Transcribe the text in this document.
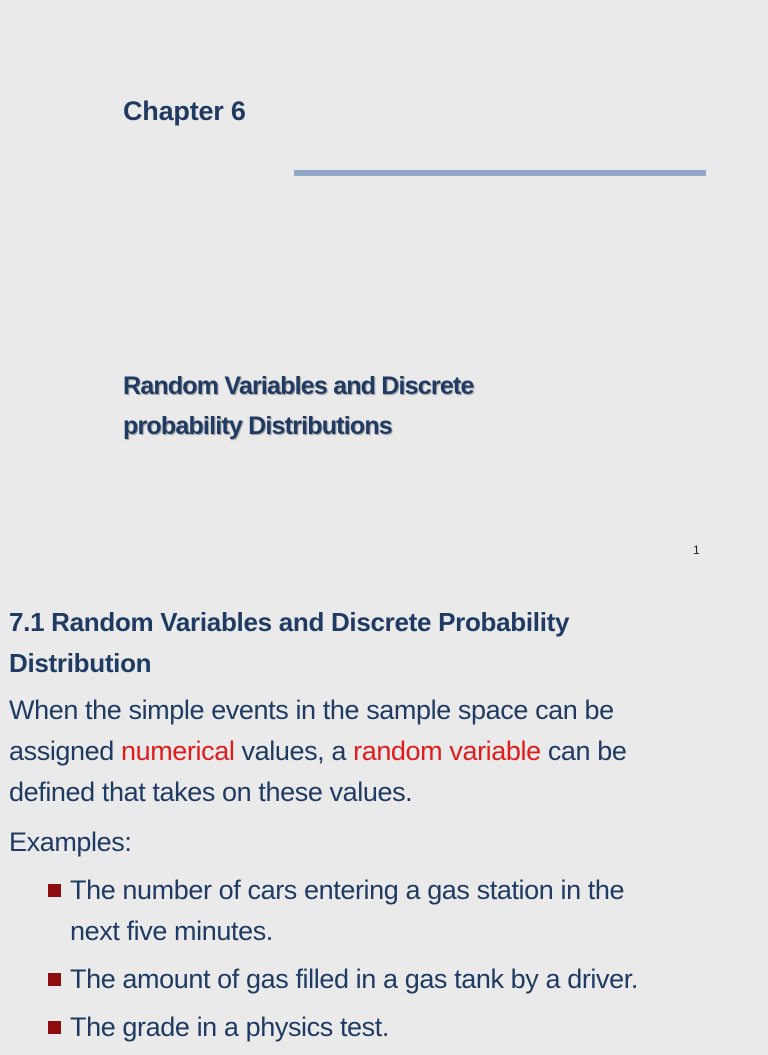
Chapter 6
Random Variables and Discrete
probability Distributions
1
7.1 Random Variables and Discrete Probability
Distribution
When the simple events in the sample space can be
assigned numerical values, a random variable can be
defined that takes on these values.
Examples:
The number of cars entering a gas station in the
next five minutes.
The amount of gas filled in a gas tank by a driver.
The grade in a physics test.
